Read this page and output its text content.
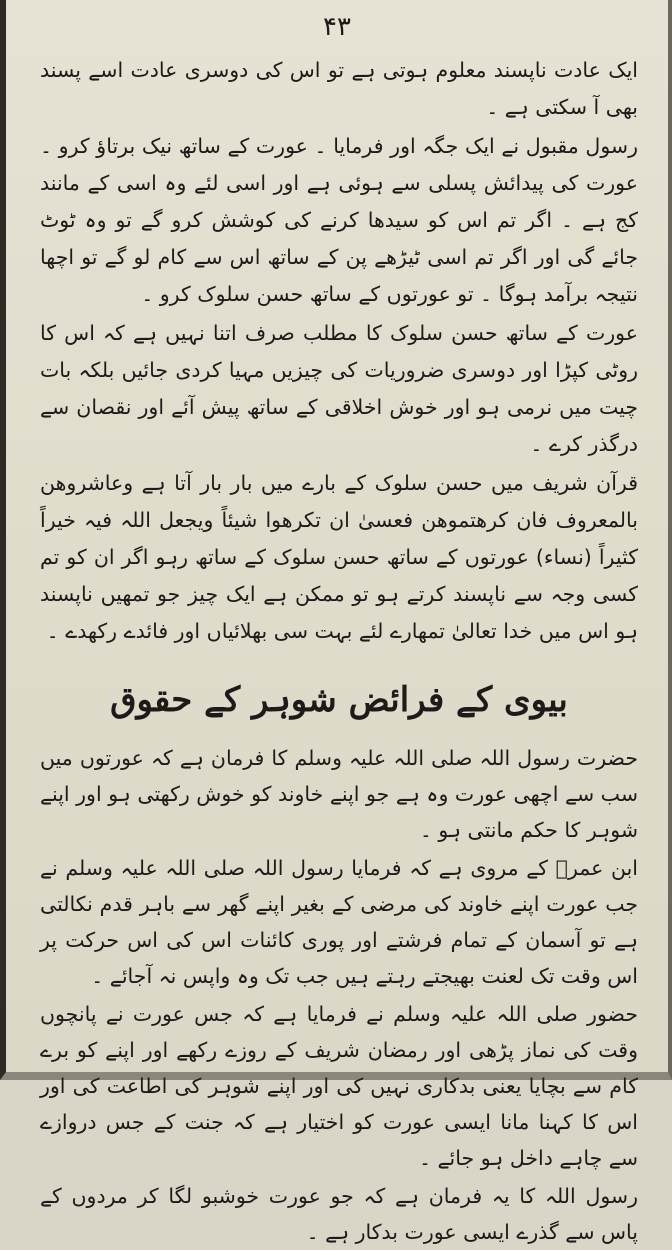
۴۳

ایک عادت ناپسند معلوم ہوتی ہے تو اس کی دوسری عادت اسے پسند بھی آ سکتی ہے ۔

رسول مقبول نے ایک جگہ اور فرمایا ۔ عورت کے ساتھ نیک برتاؤ کرو ۔ عورت کی پیدائش پسلی سے ہوئی ہے اور اسی لئے وہ اسی کے مانند کج ہے ۔ اگر تم اس کو سیدھا کرنے کی کوشش کرو گے تو وہ ٹوٹ جائے گی اور اگر تم اسی ٹیڑھے پن کے ساتھ اس سے کام لو گے تو اچھا نتیجہ برآمد ہوگا ۔ تو عورتوں کے ساتھ حسن سلوک کرو ۔

عورت کے ساتھ حسن سلوک کا مطلب صرف اتنا نہیں ہے کہ اس کا روٹی کپڑا اور دوسری ضروریات کی چیزیں مہیا کردی جائیں بلکہ بات چیت میں نرمی ہو اور خوش اخلاقی کے ساتھ پیش آئے اور نقصان سے درگذر کرے ۔

قرآن شریف میں حسن سلوک کے بارے میں بار بار آتا ہے وعاشروھن بالمعروف فان کرھتموھن فعسیٰ ان تکرھوا شیئاً ویجعل اللہ فیہ خیراً کثیراً (نساء) عورتوں کے ساتھ حسن سلوک کے ساتھ رہو اگر ان کو تم کسی وجہ سے ناپسند کرتے ہو تو ممکن ہے ایک چیز جو تمھیں ناپسند ہو اس میں خدا تعالیٰ تمھارے لئے بہت سی بھلائیاں اور فائدے رکھدے ۔

بیوی کے فرائض شوہر کے حقوق

حضرت رسول اللہ صلی اللہ علیہ وسلم کا فرمان ہے کہ عورتوں میں سب سے اچھی عورت وہ ہے جو اپنے خاوند کو خوش رکھتی ہو اور اپنے شوہر کا حکم مانتی ہو ۔

ابن عمرؓ کے مروی ہے کہ فرمایا رسول اللہ صلی اللہ علیہ وسلم نے جب عورت اپنے خاوند کی مرضی کے بغیر اپنے گھر سے باہر قدم نکالتی ہے تو آسمان کے تمام فرشتے اور پوری کائنات اس کی اس حرکت پر اس وقت تک لعنت بھیجتے رہتے ہیں جب تک وہ واپس نہ آجائے ۔

حضور صلی اللہ علیہ وسلم نے فرمایا ہے کہ جس عورت نے پانچوں وقت کی نماز پڑھی اور رمضان شریف کے روزے رکھے اور اپنے کو برے کام سے بچایا یعنی بدکاری نہیں کی اور اپنے شوہر کی اطاعت کی اور اس کا کہنا مانا ایسی عورت کو اختیار ہے کہ جنت کے جس دروازے سے چاہے داخل ہو جائے ۔

رسول اللہ کا یہ فرمان ہے کہ جو عورت خوشبو لگا کر مردوں کے پاس سے گذرے ایسی عورت بدکار ہے ۔
